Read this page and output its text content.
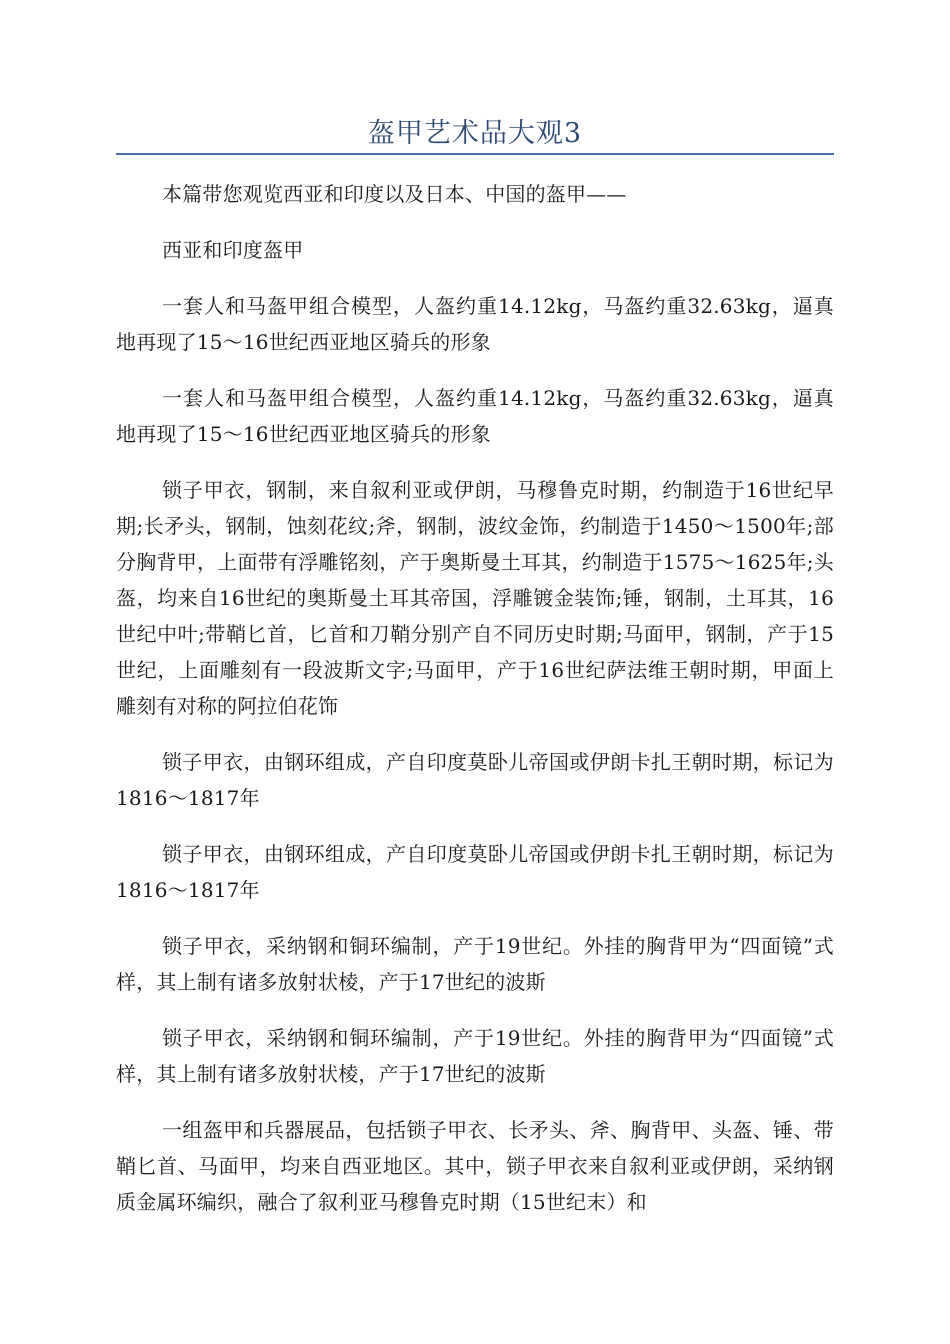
盔甲艺术品大观3

本篇带您观览西亚和印度以及日本、中国的盔甲——

西亚和印度盔甲

一套人和马盔甲组合模型，人盔约重14.12kg，马盔约重32.63kg，逼真地再现了15～16世纪西亚地区骑兵的形象

一套人和马盔甲组合模型，人盔约重14.12kg，马盔约重32.63kg，逼真地再现了15～16世纪西亚地区骑兵的形象

锁子甲衣，钢制，来自叙利亚或伊朗，马穆鲁克时期，约制造于16世纪早期;长矛头，钢制，蚀刻花纹;斧，钢制，波纹金饰，约制造于1450～1500年;部分胸背甲，上面带有浮雕铭刻，产于奥斯曼土耳其，约制造于1575～1625年;头盔，均来自16世纪的奥斯曼土耳其帝国，浮雕镀金装饰;锤，钢制，土耳其，16世纪中叶;带鞘匕首，匕首和刀鞘分别产自不同历史时期;马面甲，钢制，产于15世纪，上面雕刻有一段波斯文字;马面甲，产于16世纪萨法维王朝时期，甲面上雕刻有对称的阿拉伯花饰

锁子甲衣，由钢环组成，产自印度莫卧儿帝国或伊朗卡扎王朝时期，标记为1816～1817年

锁子甲衣，由钢环组成，产自印度莫卧儿帝国或伊朗卡扎王朝时期，标记为1816～1817年

锁子甲衣，采纳钢和铜环编制，产于19世纪。外挂的胸背甲为“四面镜”式样，其上制有诸多放射状棱，产于17世纪的波斯

锁子甲衣，采纳钢和铜环编制，产于19世纪。外挂的胸背甲为“四面镜”式样，其上制有诸多放射状棱，产于17世纪的波斯

一组盔甲和兵器展品，包括锁子甲衣、长矛头、斧、胸背甲、头盔、锤、带鞘匕首、马面甲，均来自西亚地区。其中，锁子甲衣来自叙利亚或伊朗，采纳钢质金属环编织，融合了叙利亚马穆鲁克时期（15世纪末）和
